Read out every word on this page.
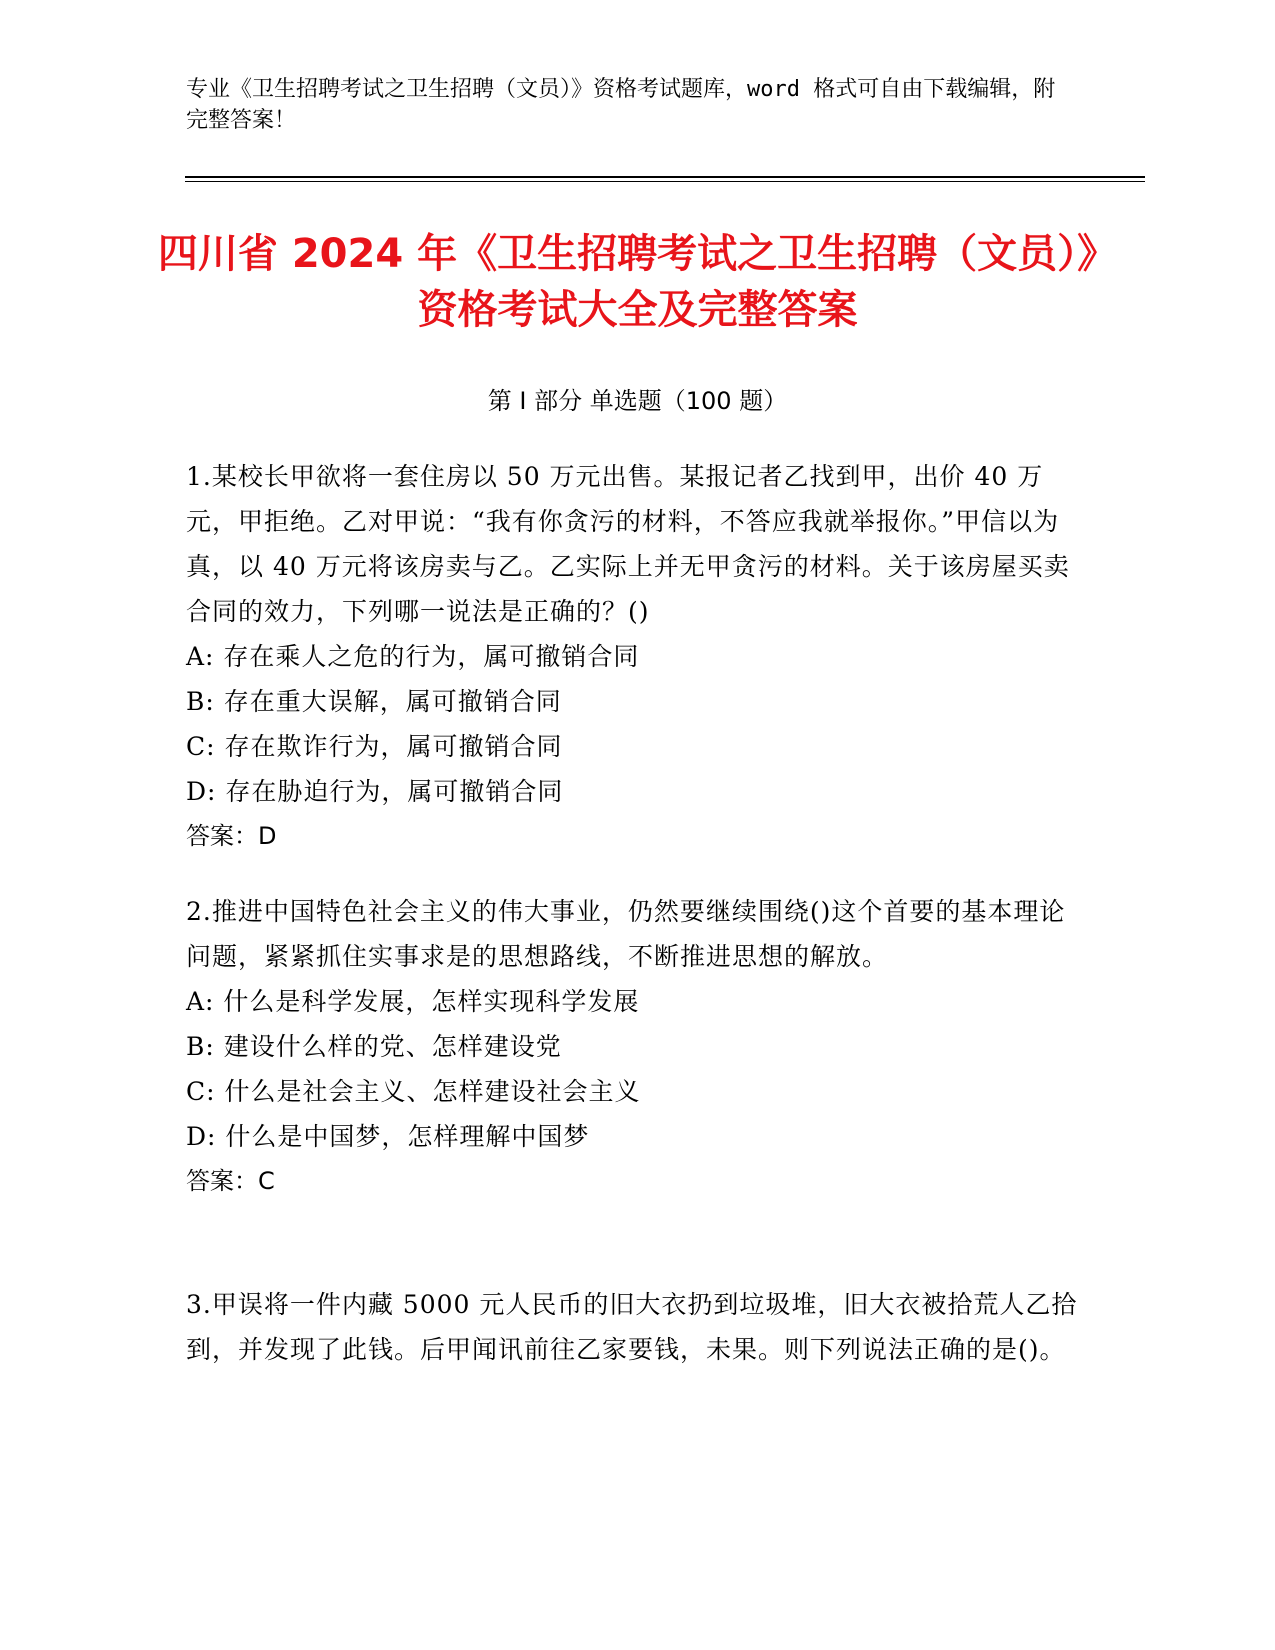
专业《卫生招聘考试之卫生招聘（文员）》资格考试题库，word 格式可自由下载编辑，附完整答案！
四川省 2024 年《卫生招聘考试之卫生招聘（文员）》资格考试大全及完整答案
第 I 部分 单选题（100 题）

1.某校长甲欲将一套住房以 50 万元出售。某报记者乙找到甲，出价 40 万元，甲拒绝。乙对甲说：“我有你贪污的材料，不答应我就举报你。”甲信以为真，以 40 万元将该房卖与乙。乙实际上并无甲贪污的材料。关于该房屋买卖合同的效力，下列哪一说法是正确的？()

A: 存在乘人之危的行为，属可撤销合同

B: 存在重大误解，属可撤销合同

C: 存在欺诈行为，属可撤销合同

D: 存在胁迫行为，属可撤销合同

答案：D

2.推进中国特色社会主义的伟大事业，仍然要继续围绕()这个首要的基本理论问题，紧紧抓住实事求是的思想路线，不断推进思想的解放。

A: 什么是科学发展，怎样实现科学发展

B: 建设什么样的党、怎样建设党

C: 什么是社会主义、怎样建设社会主义

D: 什么是中国梦，怎样理解中国梦

答案：C

3.甲误将一件内藏 5000 元人民币的旧大衣扔到垃圾堆，旧大衣被拾荒人乙拾到，并发现了此钱。后甲闻讯前往乙家要钱，未果。则下列说法正确的是()。
